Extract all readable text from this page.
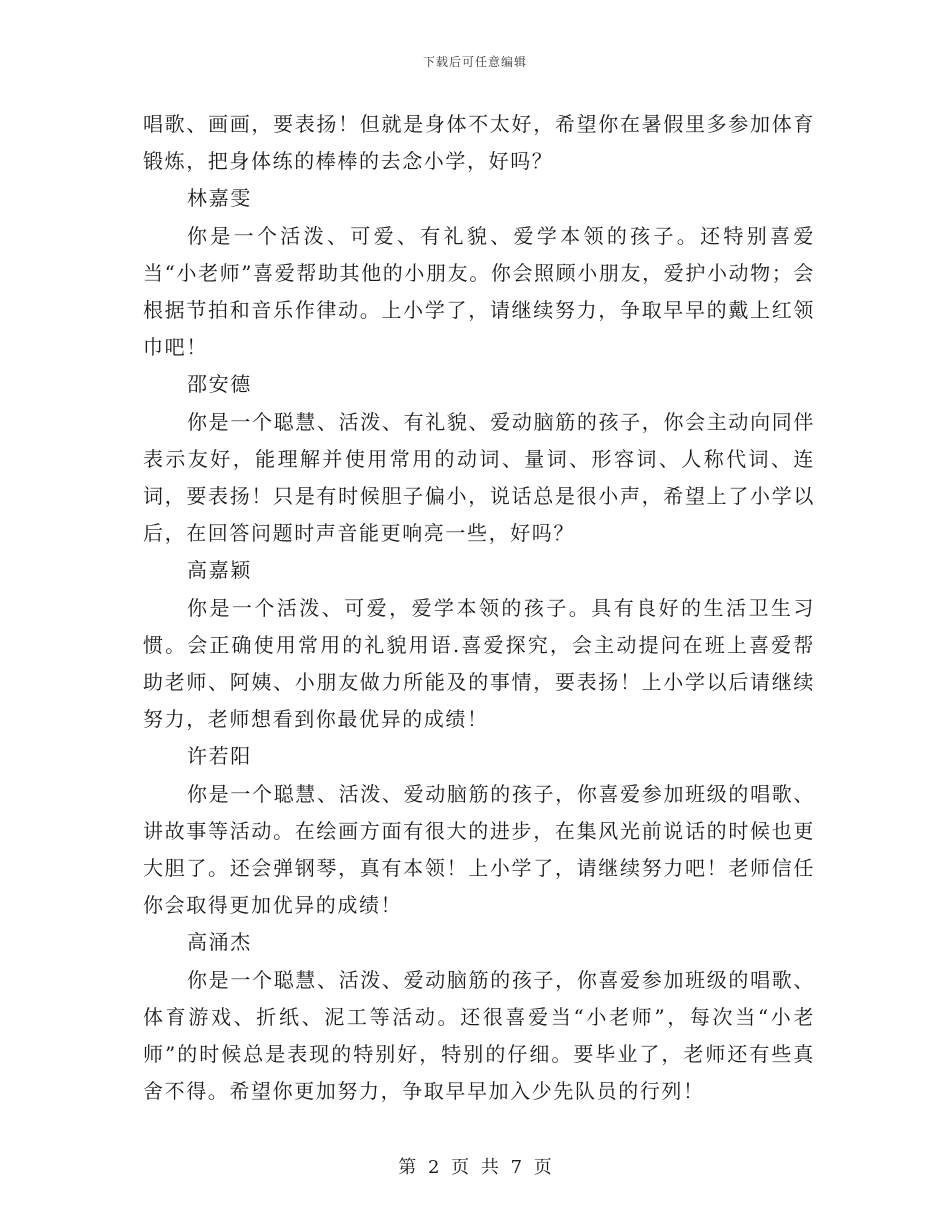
下载后可任意编辑

唱歌、画画，要表扬！但就是身体不太好，希望你在暑假里多参加体育锻炼，把身体练的棒棒的去念小学，好吗？

林嘉雯

你是一个活泼、可爱、有礼貌、爱学本领的孩子。还特别喜爱当“小老师”喜爱帮助其他的小朋友。你会照顾小朋友，爱护小动物；会根据节拍和音乐作律动。上小学了，请继续努力，争取早早的戴上红领巾吧！

邵安德

你是一个聪慧、活泼、有礼貌、爱动脑筋的孩子，你会主动向同伴表示友好，能理解并使用常用的动词、量词、形容词、人称代词、连词，要表扬！只是有时候胆子偏小，说话总是很小声，希望上了小学以后，在回答问题时声音能更响亮一些，好吗？

高嘉颖

你是一个活泼、可爱，爱学本领的孩子。具有良好的生活卫生习惯。会正确使用常用的礼貌用语.喜爱探究，会主动提问在班上喜爱帮助老师、阿姨、小朋友做力所能及的事情，要表扬！上小学以后请继续努力，老师想看到你最优异的成绩！

许若阳

你是一个聪慧、活泼、爱动脑筋的孩子，你喜爱参加班级的唱歌、讲故事等活动。在绘画方面有很大的进步，在集风光前说话的时候也更大胆了。还会弹钢琴，真有本领！上小学了，请继续努力吧！老师信任你会取得更加优异的成绩！

高涌杰

你是一个聪慧、活泼、爱动脑筋的孩子，你喜爱参加班级的唱歌、体育游戏、折纸、泥工等活动。还很喜爱当“小老师”，每次当“小老师”的时候总是表现的特别好，特别的仔细。要毕业了，老师还有些真舍不得。希望你更加努力，争取早早加入少先队员的行列！

第 2 页 共 7 页
